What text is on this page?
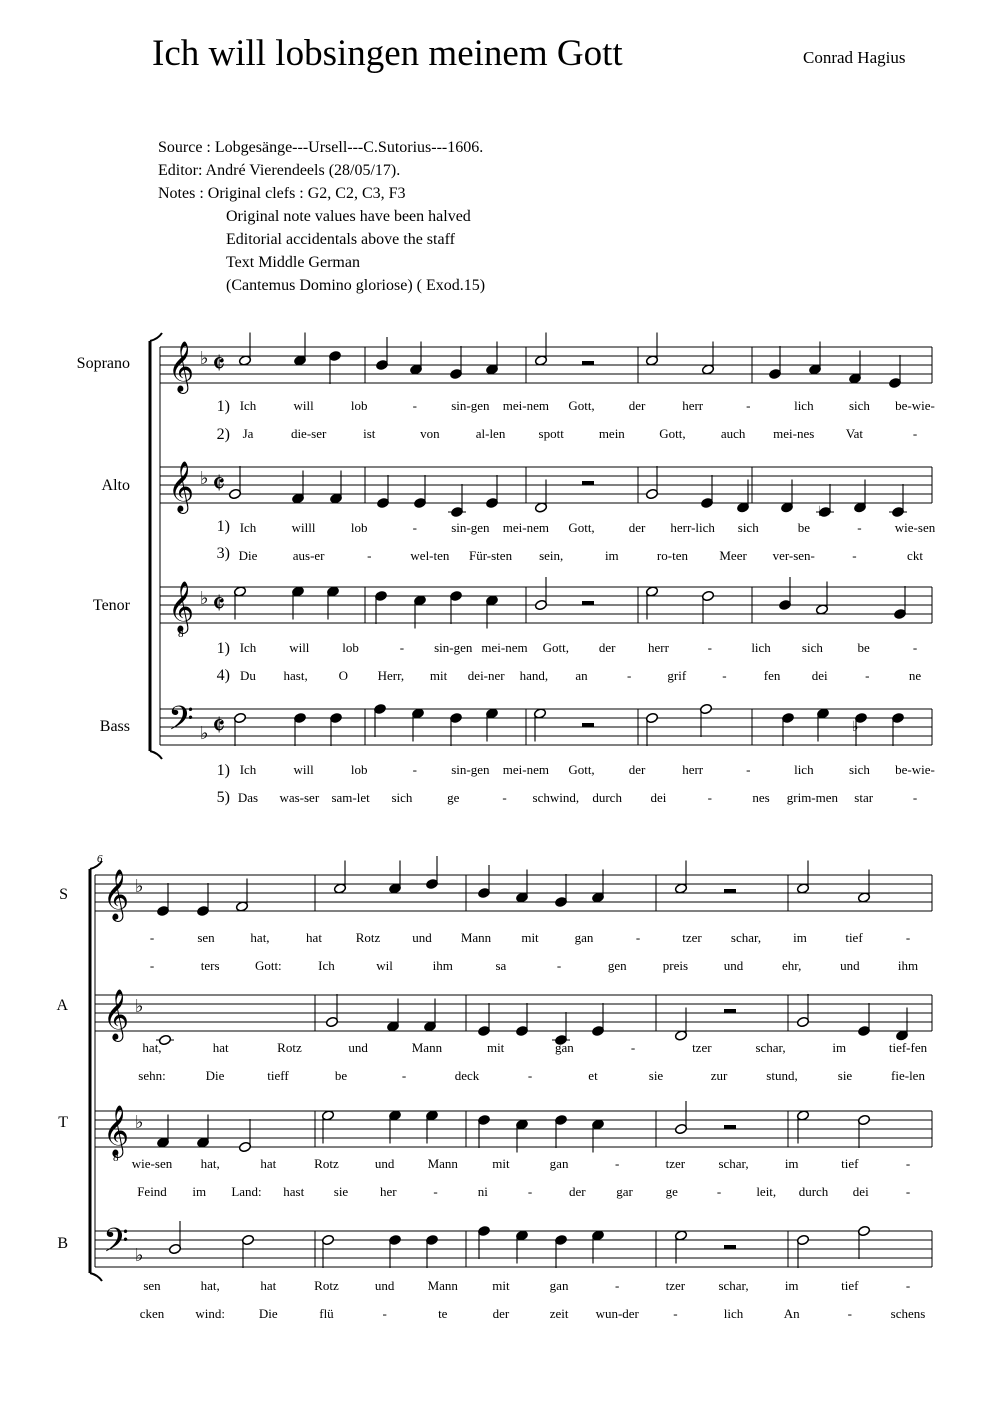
Ich will lobsingen meinem Gott	Conrad Hagius
Source : Lobgesänge---Ursell---C.Sutorius---1606.
Editor: André Vierendeels (28/05/17).
Notes : Original clefs : G2, C2, C3, F3
Original note values have been halved
Editorial accidentals above the staff
Text Middle German
(Cantemus Domino gloriose) ( Exod.15)
𝄞 ♭ 𝄵
𝄞 ♭ 𝄵
𝄞
8
♭ 𝄵
𝄢 ♭ 𝄵
𝄞 ♭
𝄞 ♭
𝄞
8
♭
𝄢 ♭
6
Soprano
Alto
Tenor
Bass
S
A
T
B
♭
♭
1)
2)
1)
3)
1)
4)
1)
5)
Ich	will	lob	-	sin-gen mei-nem Gott,	der	herr	-	lich	sich be-wie-
Ja	die-ser	ist	von	al-len	spott	mein	Gott,	auch mei-nes Vat	-
Ich	willl	lob	-	sin-gen mei-nem Gott,	der herr-lich sich	be	-	wie-sen
Die	aus-er	-	wel-ten Für-sten sein,	im	ro-ten Meer ver-sen-	-	ckt
Ich	will	lob	- sin-gen mei-nem Gott, der	herr	-	lich sich	be	-
Du hast, O Herr, mit dei-ner hand, an	-	grif	-	fen dei	-	ne
Ich	will	lob	-	sin-gen mei-nem Gott,	der	herr	-	lich	sich be-wie-
Das was-ser sam-let sich	ge	- schwind, durch dei	-	nes grim-men star	-
-	sen	hat,	hat	Rotz und Mann mit	gan	-	tzer schar, im	tief	-
-	ters	Gott:	Ich	wil	ihm	sa	-	gen	preis	und	ehr,	und	ihm
hat,	hat	Rotz	und	Mann	mit	gan	-	tzer	schar,	im	tief-fen
sehn:	Die	tieff	be	-	deck	-	et	sie	zur	stund,	sie	fie-len
wie-sen hat,	hat	Rotz	und	Mann	mit	gan	-	tzer	schar,	im	tief	-
Feind im Land: hast sie her	-	ni	-	der gar	ge	-	leit, durch dei	-
sen	hat,	hat	Rotz	und	Mann	mit	gan	-	tzer	schar,	im	tief	-
cken wind:	Die	flü	-	te	der	zeit wun-der	-	lich	An	-	schens
